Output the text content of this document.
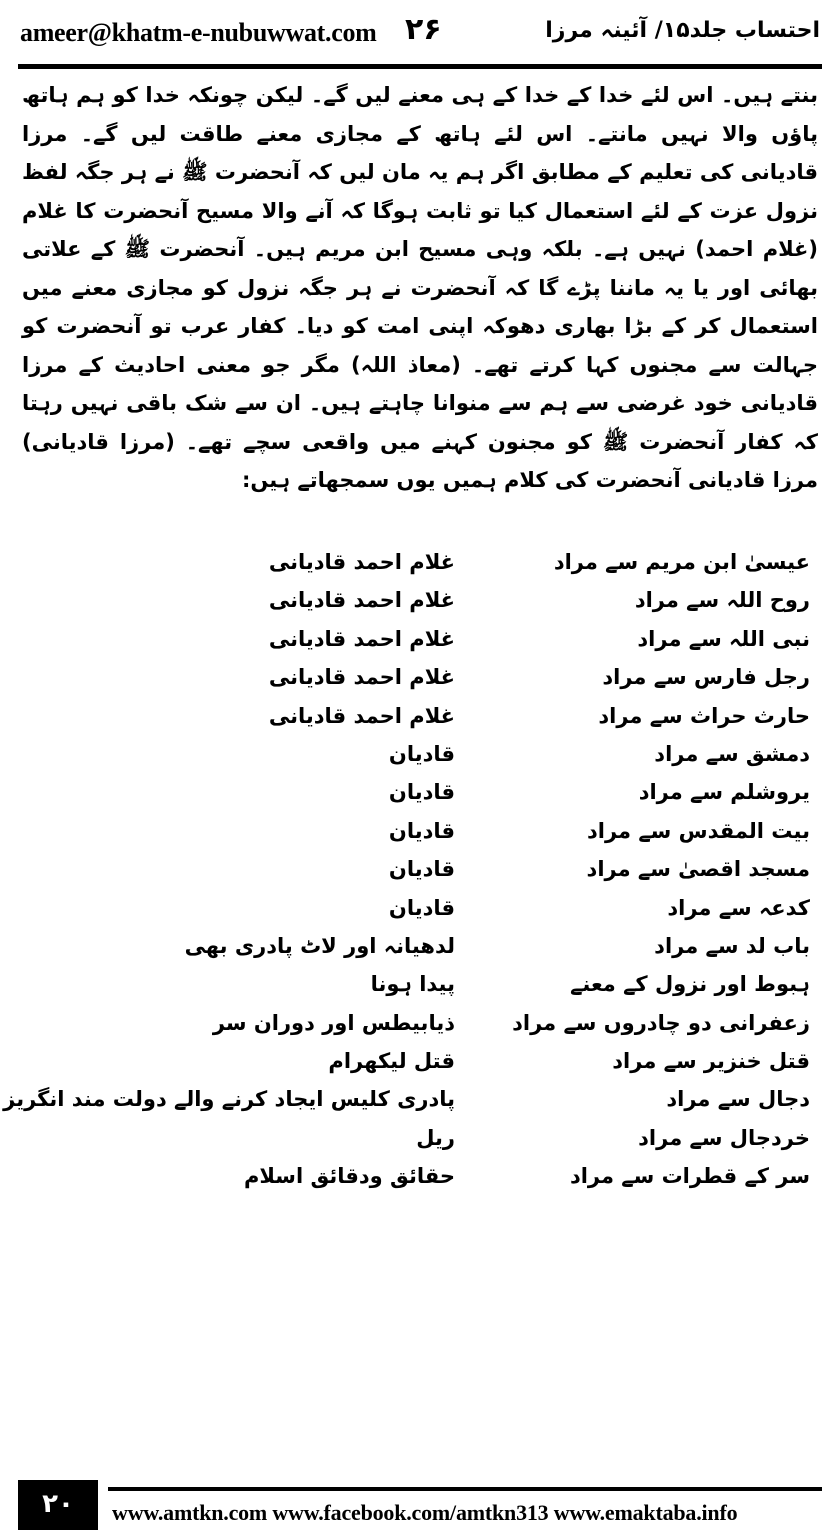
ameer@khatm-e-nubuwwat.com ۲۶	احتساب جلد۱۵/ آئینہ مرزا
بنتے ہیں۔ اس لئے خدا کے خدا کے ہی معنے لیں گے۔ لیکن چونکہ خدا کو ہم ہاتھ پاؤں والا نہیں مانتے۔ اس لئے ہاتھ کے مجازی معنے طاقت لیں گے۔ مرزا قادیانی کی تعلیم کے مطابق اگر ہم یہ مان لیں کہ آنحضرت ﷺ نے ہر جگہ لفظ نزول عزت کے لئے استعمال کیا تو ثابت ہوگا کہ آنے والا مسیح آنحضرت کا غلام (غلام احمد) نہیں ہے۔ بلکہ وہی مسیح ابن مریم ہیں۔ آنحضرت ﷺ کے علاتی بھائی اور یا یہ ماننا پڑے گا کہ آنحضرت نے ہر جگہ نزول کو مجازی معنے میں استعمال کر کے بڑا بھاری دھوکہ اپنی امت کو دیا۔ کفار عرب تو آنحضرت کو جہالت سے مجنوں کہا کرتے تھے۔ (معاذ اللہ) مگر جو معنی احادیث کے مرزا قادیانی خود غرضی سے ہم سے منوانا چاہتے ہیں۔ ان سے شک باقی نہیں رہتا کہ کفار آنحضرت ﷺ کو مجنون کہنے میں واقعی سچے تھے۔ (مرزا قادیانی) مرزا قادیانی آنحضرت کی کلام ہمیں یوں سمجھاتے ہیں:
عیسیٰ ابن مریم سے مراد
غلام احمد قادیانی
روح اللہ سے مراد
غلام احمد قادیانی
نبی اللہ سے مراد
غلام احمد قادیانی
رجل فارس سے مراد
غلام احمد قادیانی
حارث حراث سے مراد
غلام احمد قادیانی
دمشق سے مراد
قادیان
یروشلم سے مراد
قادیان
بیت المقدس سے مراد
قادیان
مسجد اقصیٰ سے مراد
قادیان
کدعہ سے مراد
قادیان
باب لد سے مراد
لدھیانہ اور لاٹ پادری بھی
ہبوط اور نزول کے معنے
پیدا ہونا
زعفرانی دو چادروں سے مراد
ذیابیطس اور دوران سر
قتل خنزیر سے مراد
قتل لیکھرام
دجال سے مراد
پادری کلیس ایجاد کرنے والے دولت مند انگریز
خردجال سے مراد
ریل
سر کے قطرات سے مراد
حقائق ودقائق اسلام
۲۰	www.amtkn.com www.facebook.com/amtkn313 www.emaktaba.info
